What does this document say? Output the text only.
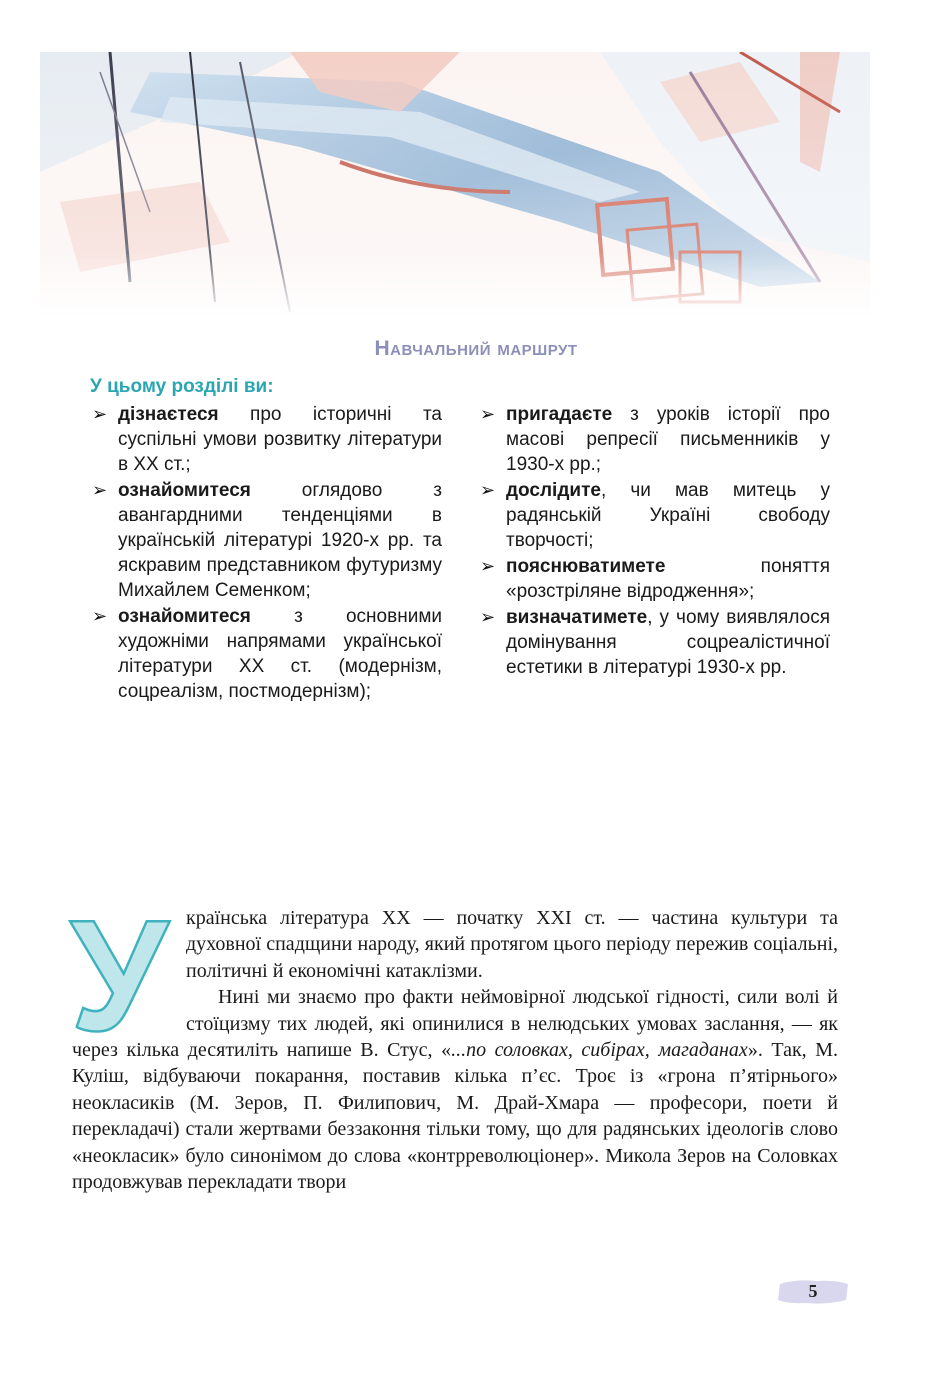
Навчальний маршрут
У цьому розділі ви:
➢ дізнаєтеся про історичні та суспільні умови розвитку літератури в ХХ ст.;
➢ ознайомитеся оглядово з авангардними тенденціями в українській літературі 1920-х рр. та яскравим представником футуризму Михайлем Семенком;
➢ ознайомитеся з основними художніми напрямами української літератури ХХ ст. (модернізм, соцреалізм, постмодернізм);
➢ пригадаєте з уроків історії про масові репресії письменників у 1930-х рр.;
➢ дослідите, чи мав митець у радянській Україні свободу творчості;
➢ пояснюватимете поняття «розстріляне відродження»;
➢ визначатимете, у чому виявлялося домінування соцреалістичної естетики в літературі 1930-х рр.
У країнська література ХХ — початку ХХІ ст. — частина культури та духовної спадщини народу, який протягом цього періоду пережив соціальні, політичні й економічні катаклізми.

Нині ми знаємо про факти неймовірної людської гідності, сили волі й стоїцизму тих людей, які опинилися в нелюдських умовах заслання, — як через кілька десятиліть напише В. Стус, «...по соловках, сибірах, магаданах». Так, М. Куліш, відбуваючи покарання, поставив кілька п’єс. Троє із «грона п’ятірнього» неокласиків (М. Зеров, П. Филипович, М. Драй-Хмара — професори, поети й перекладачі) стали жертвами беззаконня тільки тому, що для радянських ідеологів слово «неокласик» було синонімом до слова «контрреволюціонер». Микола Зеров на Соловках продовжував перекладати твори

5
